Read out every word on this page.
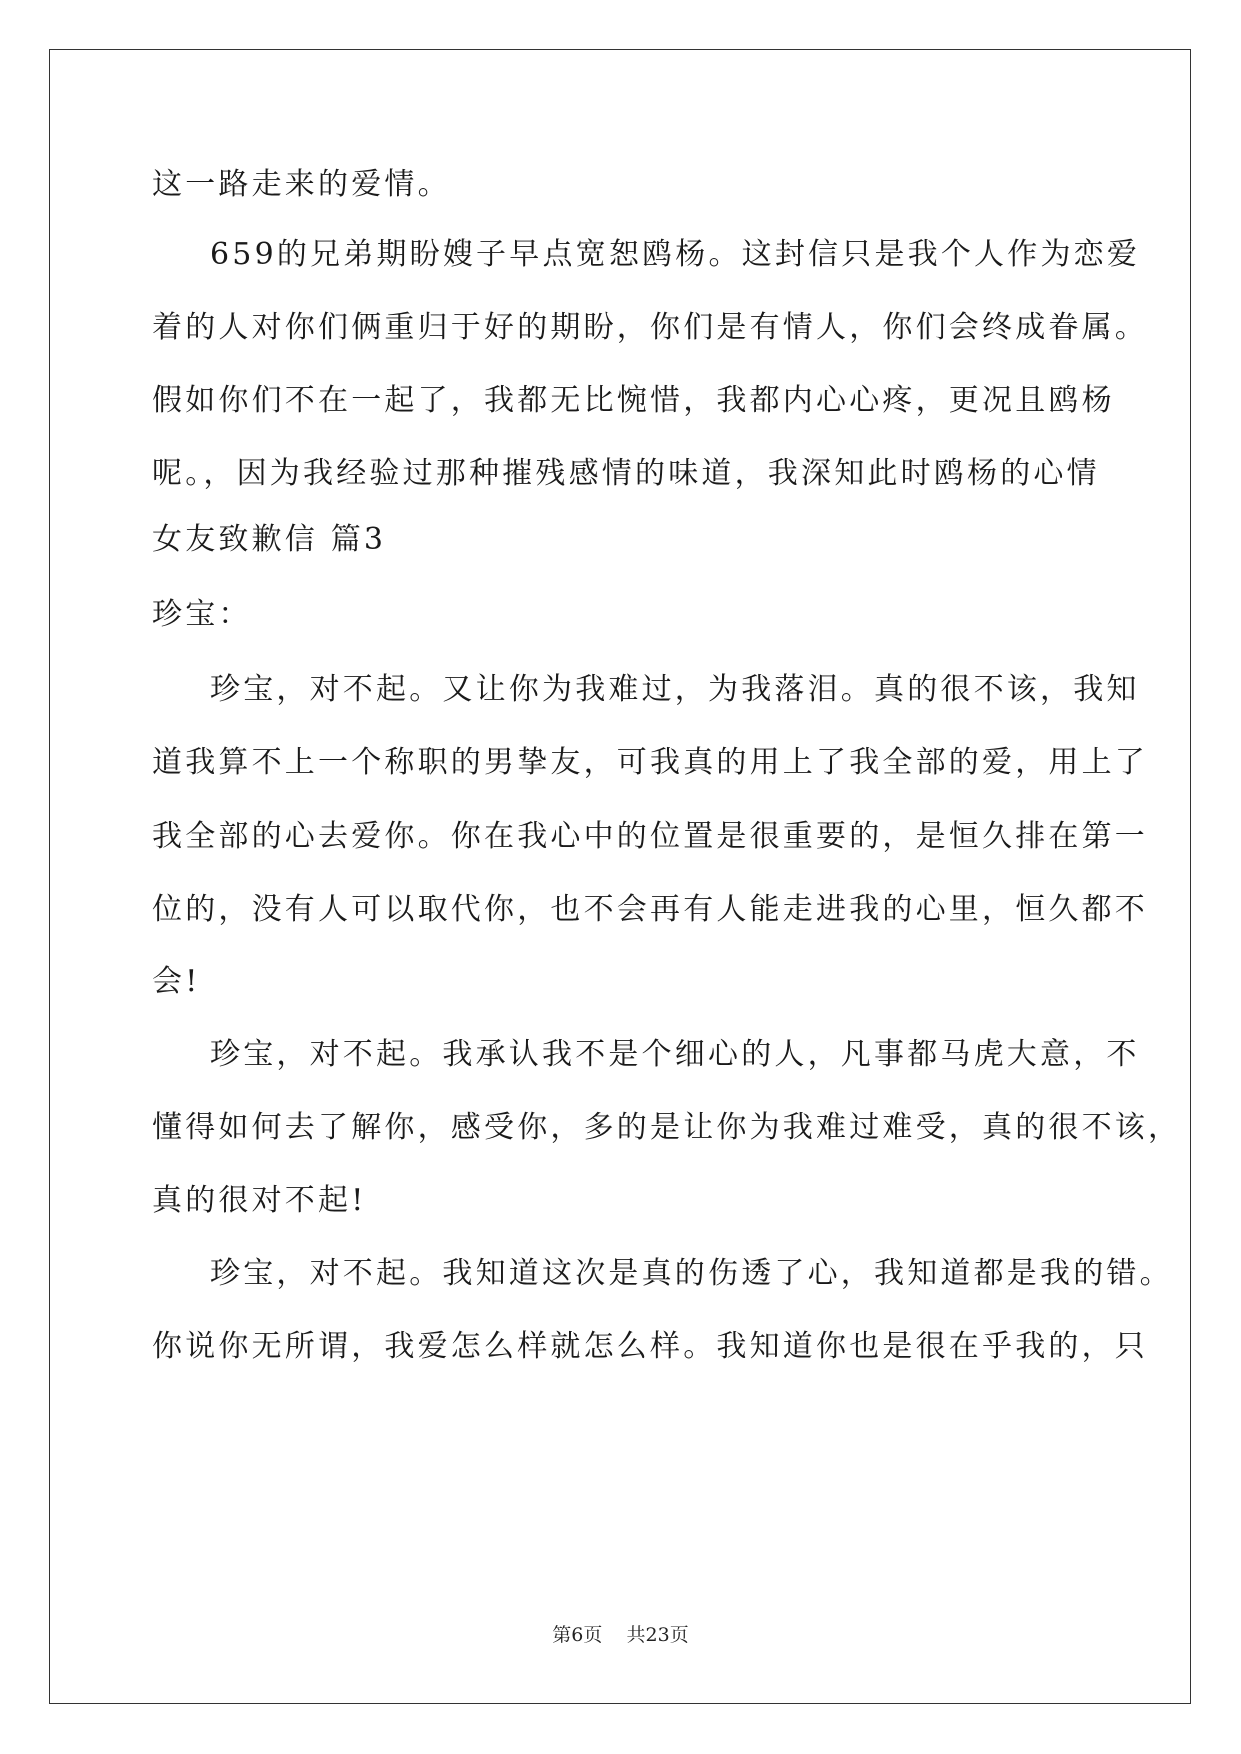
这一路走来的爱情。
659的兄弟期盼嫂子早点宽恕鸥杨。这封信只是我个人作为恋爱
着的人对你们俩重归于好的期盼，你们是有情人，你们会终成眷属。
假如你们不在一起了，我都无比惋惜，我都内心心疼，更况且鸥杨
呢。，因为我经验过那种摧残感情的味道，我深知此时鸥杨的心情
女友致歉信 篇3
珍宝：
珍宝，对不起。又让你为我难过，为我落泪。真的很不该，我知
道我算不上一个称职的男挚友，可我真的用上了我全部的爱，用上了
我全部的心去爱你。你在我心中的位置是很重要的，是恒久排在第一
位的，没有人可以取代你，也不会再有人能走进我的心里，恒久都不
会!
珍宝，对不起。我承认我不是个细心的人，凡事都马虎大意，不
懂得如何去了解你，感受你，多的是让你为我难过难受，真的很不该，
真的很对不起!
珍宝，对不起。我知道这次是真的伤透了心，我知道都是我的错。
你说你无所谓，我爱怎么样就怎么样。我知道你也是很在乎我的，只
第6页 共23页
